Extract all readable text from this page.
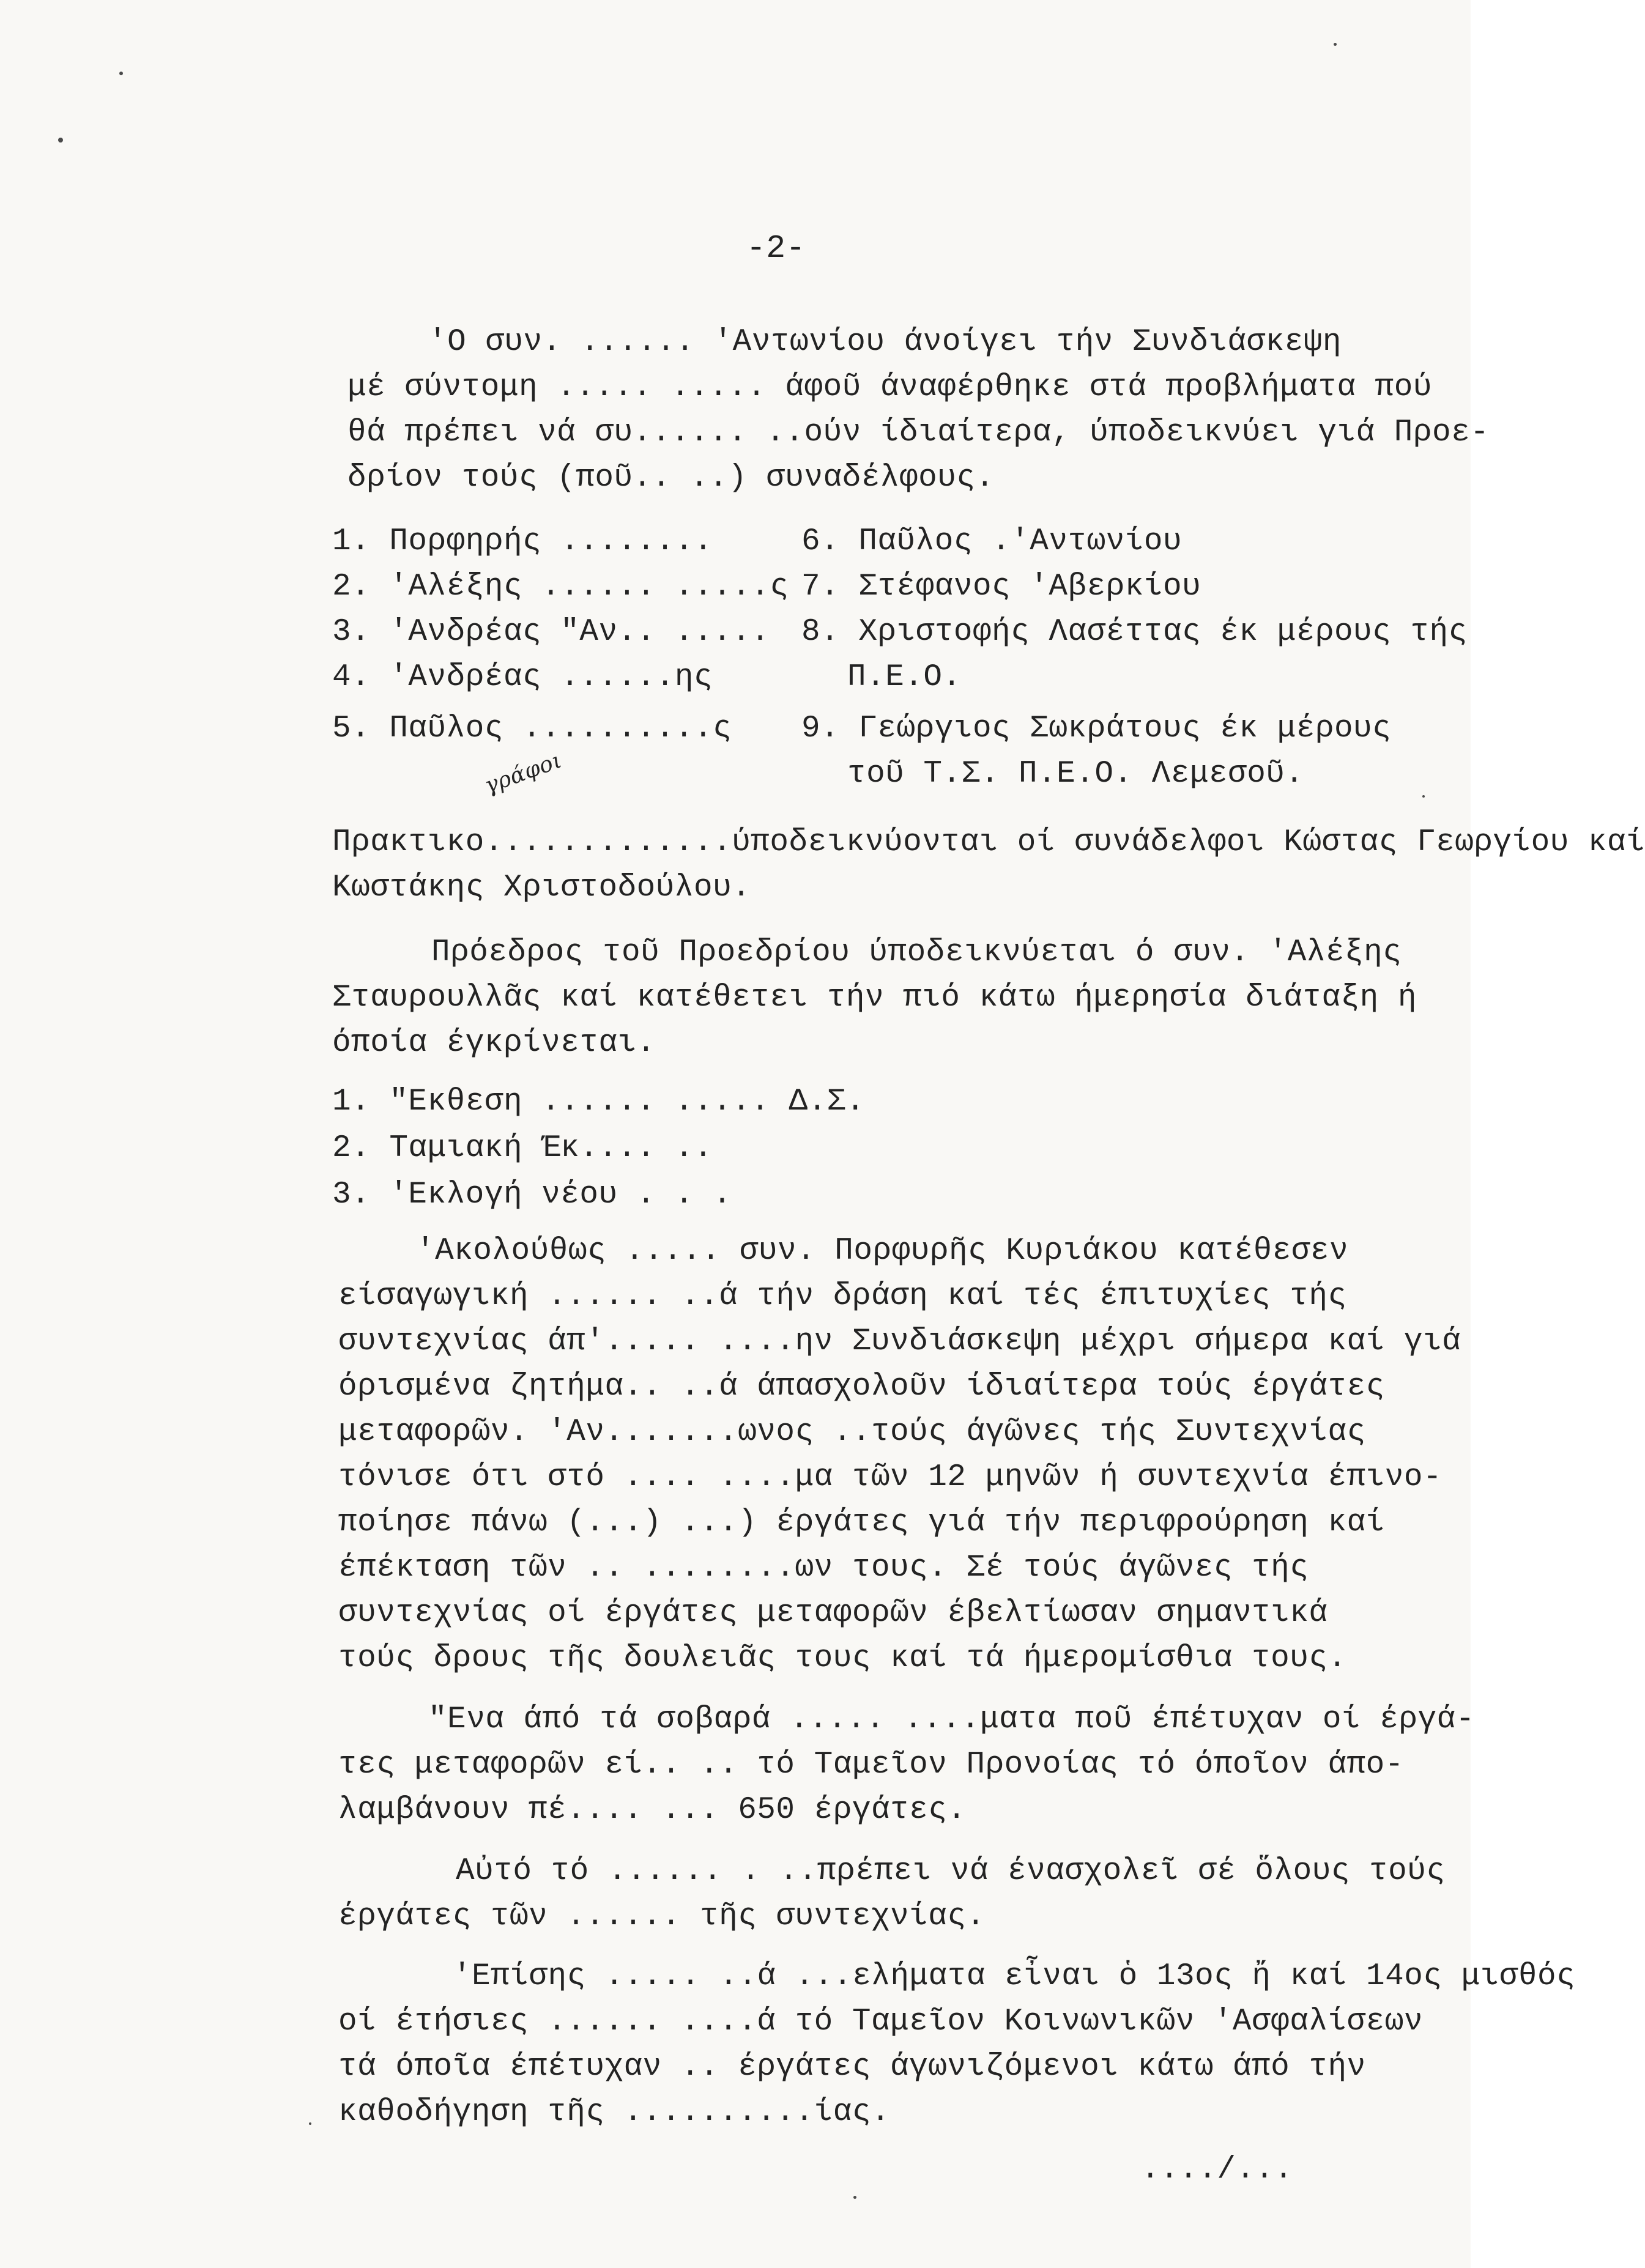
-2-
'Ο συν. ...... 'Αντωνίου άνοίγει τήν Συνδιάσκεψη
μέ σύντομη ..... ..... άφοῦ άναφέρθηκε στά προβλήματα πού
θά πρέπει νά συ...... ..ούν ίδιαίτερα, ύποδεικνύει γιά Προε-
δρίον τούς (ποῦ.. ..) συναδέλφους.
1. Πορφηρής ........
2. 'Αλέξης ...... .....ς
3. 'Ανδρέας "Αν.. .....
4. 'Ανδρέας ......ης
5. Παῦλος ..........ς
6. Παῦλος .'Αντωνίου
7. Στέφανος 'Αβερκίου
8. Χριστοφής Λασέττας έκ μέρους τής
Π.Ε.Ο.
9. Γεώργιος Σωκράτους έκ μέρους
τοῦ Τ.Σ. Π.Ε.Ο. Λεμεσοῦ.
γράφοι
Πρακτικο.............ύποδεικνύονται οί συνάδελφοι Κώστας Γεωργίου καί
Κωστάκης Χριστοδούλου.
Πρόεδρος τοῦ Προεδρίου ύποδεικνύεται ό συν. 'Αλέξης
Σταυρουλλᾶς καί κατέθετει τήν πιό κάτω ήμερησία διάταξη ή
όποία έγκρίνεται.
1. "Εκθεση ...... ..... Δ.Σ.
2. Ταμιακή Έκ.... ..
3. 'Εκλογή νέου . . .
'Ακολούθως ..... συν. Πορφυρῆς Κυριάκου κατέθεσεν
είσαγωγική ...... ..ά τήν δράση καί τές έπιτυχίες τής
συντεχνίας άπ'..... ....ην Συνδιάσκεψη μέχρι σήμερα καί γιά
όρισμένα ζητήμα.. ..ά άπασχολοῦν ίδιαίτερα τούς έργάτες
μεταφορῶν. 'Αν.......ωνος ..τούς άγῶνες τής Συντεχνίας
τόνισε ότι στό .... ....μα τῶν 12 μηνῶν ή συντεχνία έπινο-
ποίησε πάνω (...) ...) έργάτες γιά τήν περιφρούρηση καί
έπέκταση τῶν .. ........ων τους. Σέ τούς άγῶνες τής
συντεχνίας οί έργάτες μεταφορῶν έβελτίωσαν σημαντικά
τούς δρους τῆς δουλειᾶς τους καί τά ήμερομίσθια τους.
"Ενα άπό τά σοβαρά ..... ....ματα ποῦ έπέτυχαν οί έργά-
τες μεταφορῶν εί.. .. τό Ταμεῖον Προνοίας τό όποῖον άπο-
λαμβάνουν πέ.... ... 650 έργάτες.
Αὐτό τό ...... . ..πρέπει νά ένασχολεῖ σέ ὅλους τούς
έργάτες τῶν ...... τῆς συντεχνίας.
'Επίσης ..... ..ά ...ελήματα εἶναι ὁ 13ος ἤ καί 14ος μισθός
οί έτήσιες ...... ....ά τό Ταμεῖον Κοινωνικῶν 'Ασφαλίσεων
τά όποῖα έπέτυχαν .. έργάτες άγωνιζόμενοι κάτω άπό τήν
καθοδήγηση τῆς ..........ίας.
..../...
